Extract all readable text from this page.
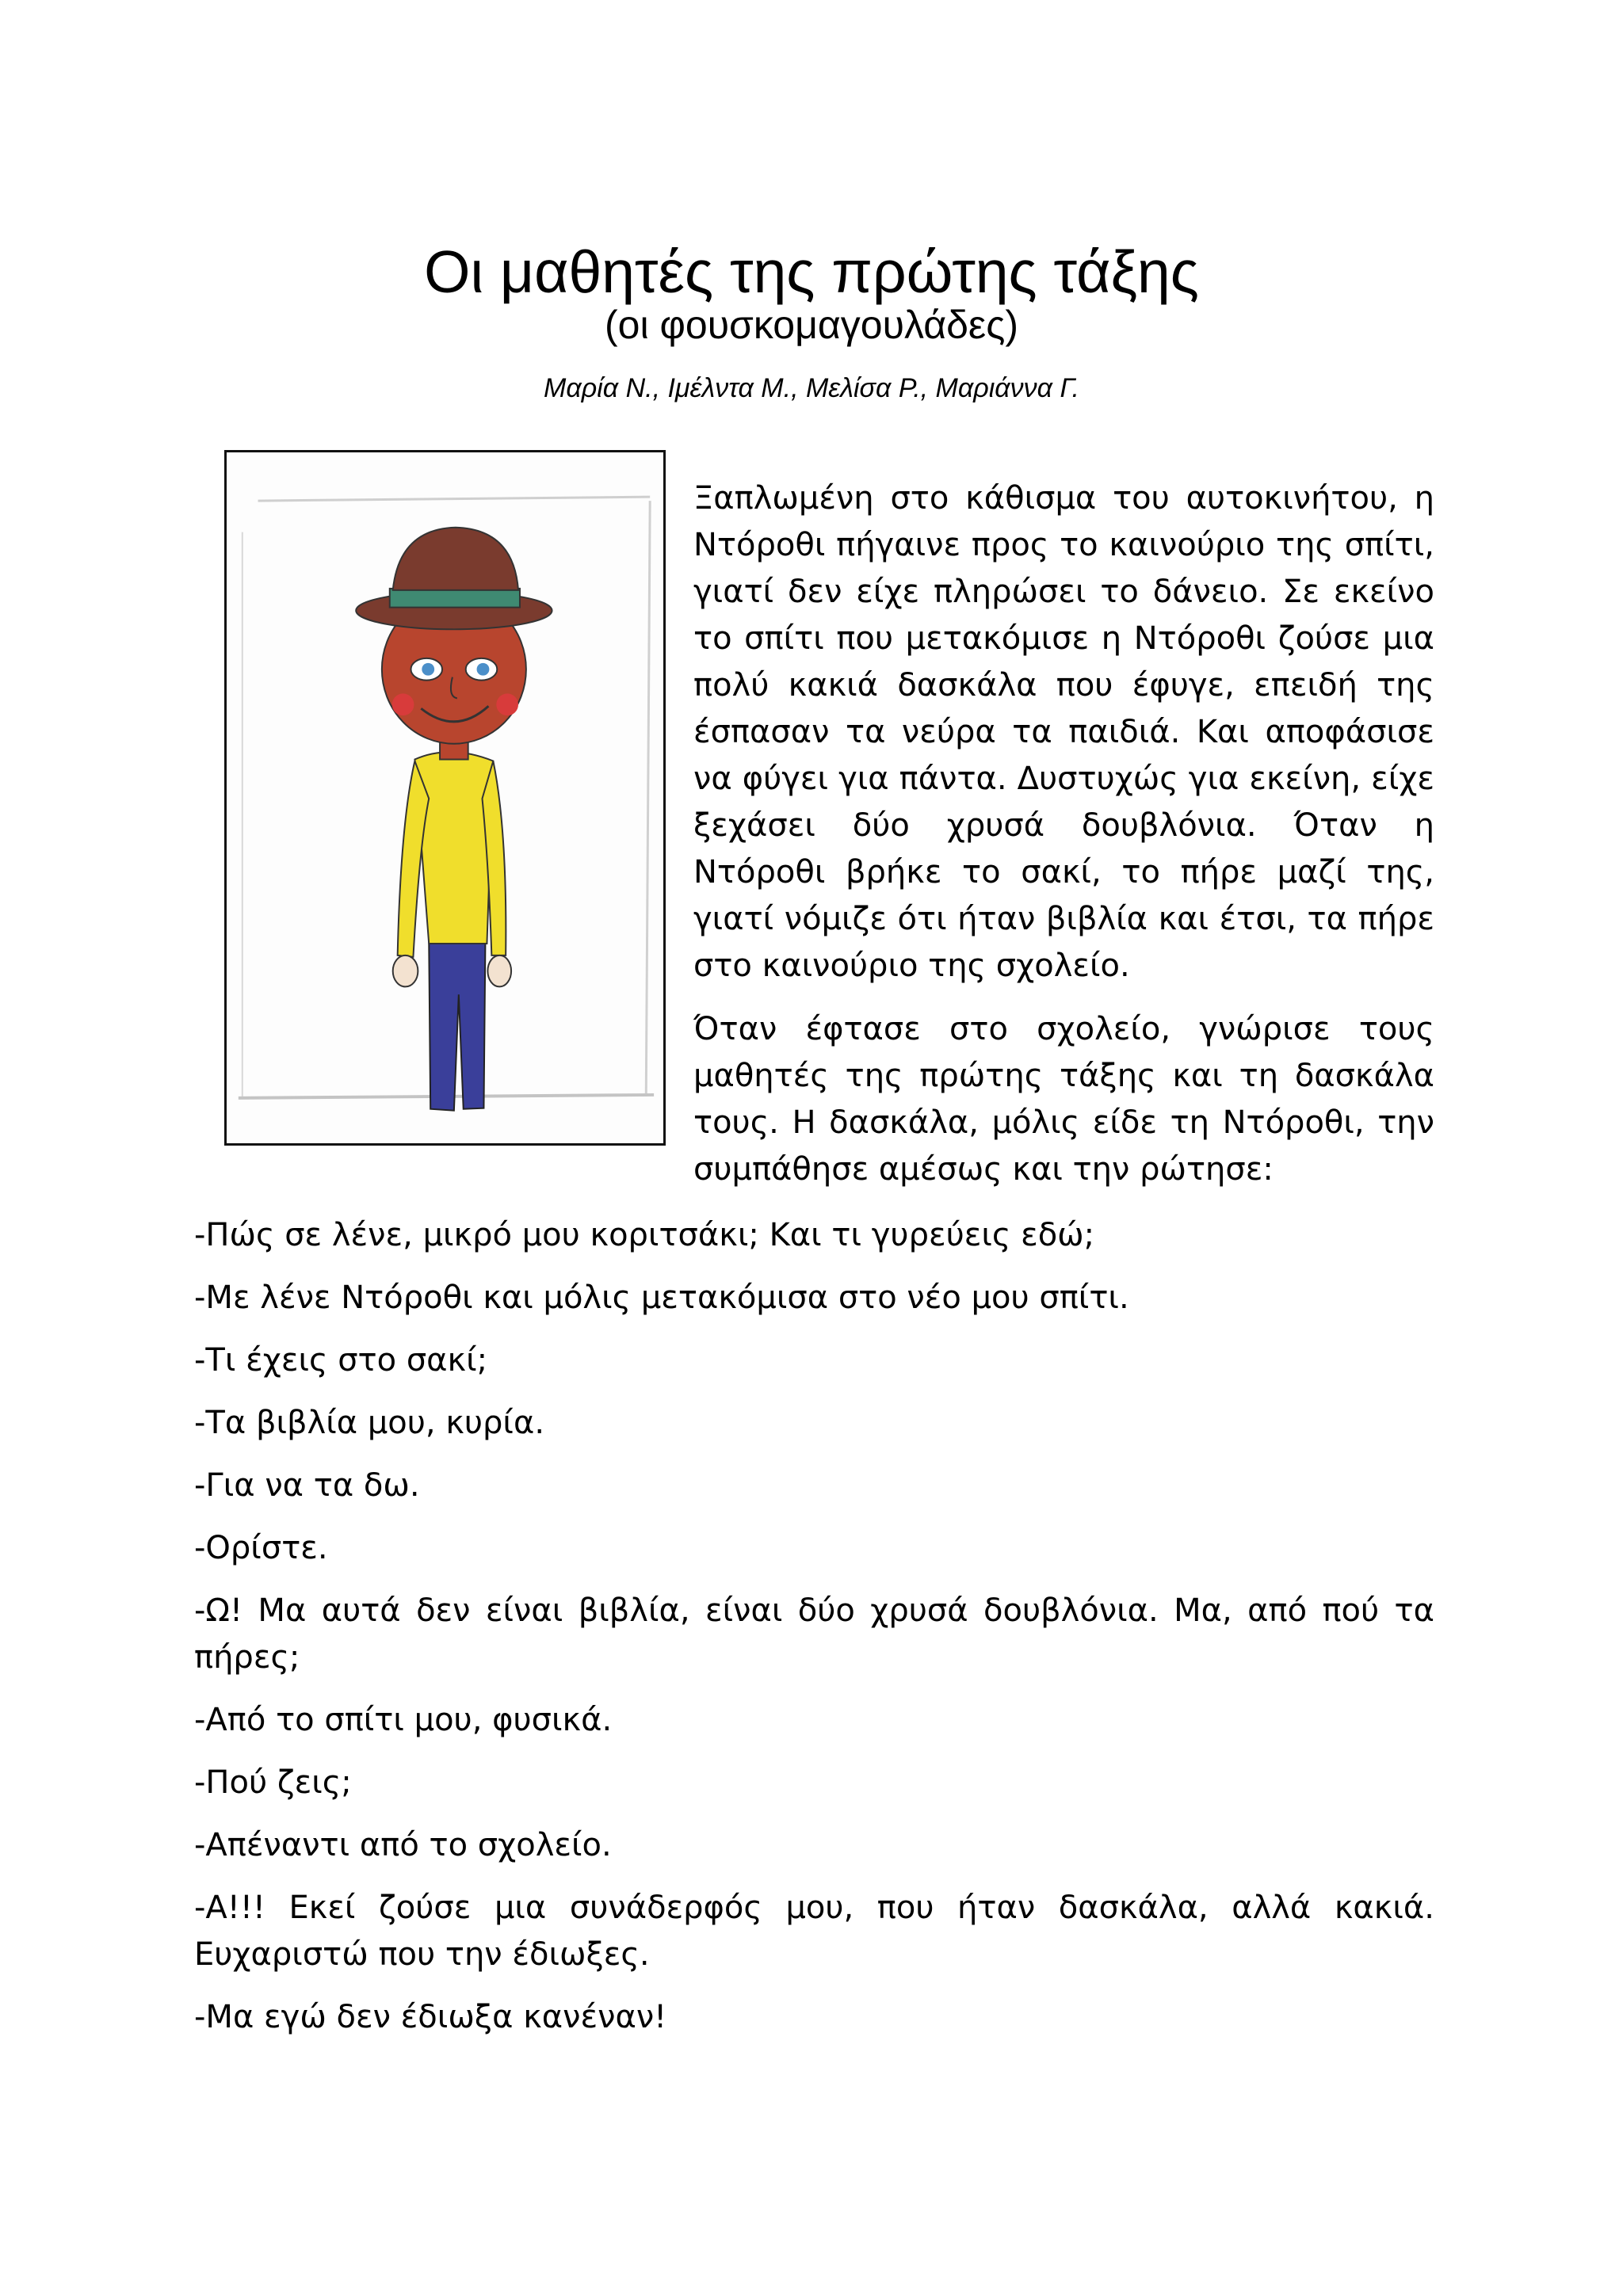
Οι μαθητές της πρώτης τάξης

(οι φουσκομαγουλάδες)

Μαρία Ν., Ιμέλντα Μ., Μελίσα Ρ., Μαριάννα Γ.

Ξαπλωμένη στο κάθισμα του αυτοκινήτου, η Ντόροθι πήγαινε προς το καινούριο της σπίτι, γιατί δεν είχε πληρώσει το δάνειο. Σε εκείνο το σπίτι που μετακόμισε η Ντόροθι ζούσε μια πολύ κακιά δασκάλα που έφυγε, επειδή της έσπασαν τα νεύρα τα παιδιά. Και αποφάσισε να φύγει για πάντα. Δυστυχώς για εκείνη, είχε ξεχάσει δύο χρυσά δουβλόνια. Όταν η Ντόροθι βρήκε το σακί, το πήρε μαζί της, γιατί νόμιζε ότι ήταν βιβλία και έτσι, τα πήρε στο καινούριο της σχολείο.

Όταν έφτασε στο σχολείο, γνώρισε τους μαθητές της πρώτης τάξης και τη δασκάλα τους. Η δασκάλα, μόλις είδε τη Ντόροθι, την συμπάθησε αμέσως και την ρώτησε:

-Πώς σε λένε, μικρό μου κοριτσάκι; Και τι γυρεύεις εδώ;

-Με λένε Ντόροθι και μόλις μετακόμισα στο νέο μου σπίτι.

-Τι έχεις στο σακί;

-Τα βιβλία μου, κυρία.

-Για να τα δω.

-Ορίστε.

-Ω! Μα αυτά δεν είναι βιβλία, είναι δύο χρυσά δουβλόνια. Μα, από πού τα πήρες;

-Από το σπίτι μου, φυσικά.

-Πού ζεις;

-Απέναντι από το σχολείο.

-Α!!! Εκεί ζούσε μια συνάδερφός μου, που ήταν δασκάλα, αλλά κακιά. Ευχαριστώ που την έδιωξες.

-Μα εγώ δεν έδιωξα κανέναν!
